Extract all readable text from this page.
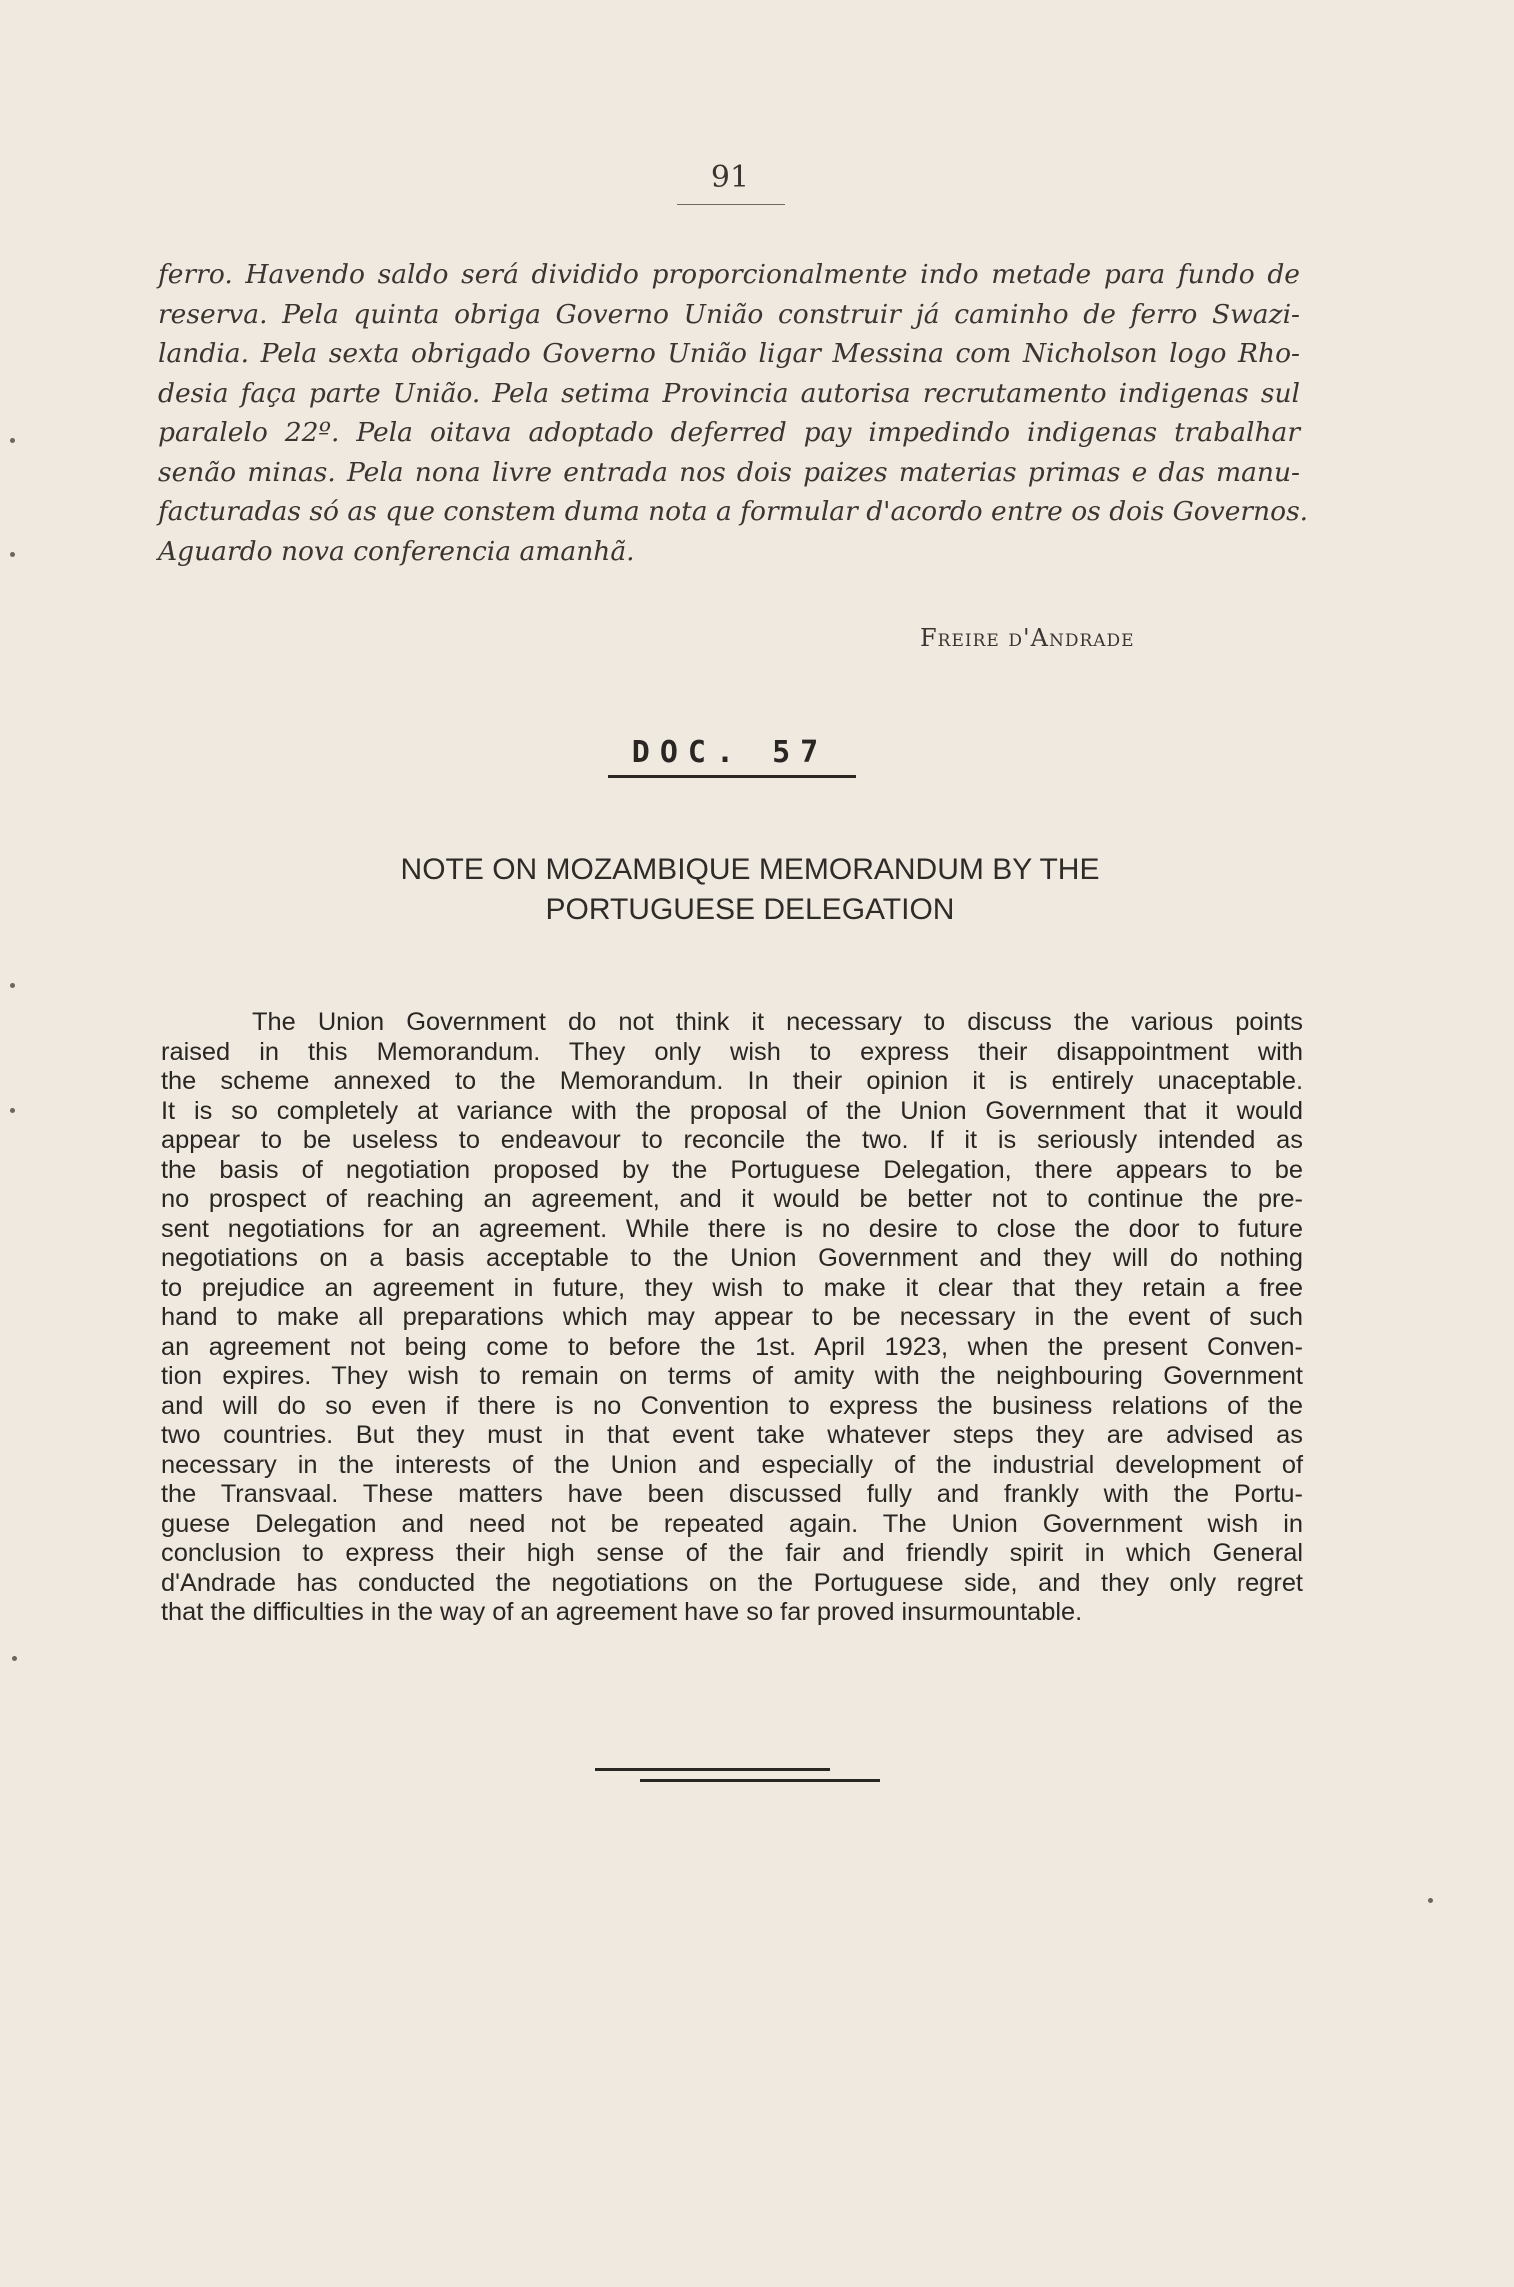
91
ferro. Havendo saldo será dividido proporcionalmente indo metade para fundo de
reserva. Pela quinta obriga Governo União construir já caminho de ferro Swazi-
landia. Pela sexta obrigado Governo União ligar Messina com Nicholson logo Rho-
desia faça parte União. Pela setima Provincia autorisa recrutamento indigenas sul
paralelo 22º. Pela oitava adoptado deferred pay impedindo indigenas trabalhar
senão minas. Pela nona livre entrada nos dois paizes materias primas e das manu-
facturadas só as que constem duma nota a formular d'acordo entre os dois Governos.
Aguardo nova conferencia amanhã.
Freire d'Andrade
DOC. 57
NOTE ON MOZAMBIQUE MEMORANDUM BY THE
PORTUGUESE DELEGATION
The Union Government do not think it necessary to discuss the various points
raised in this Memorandum. They only wish to express their disappointment with
the scheme annexed to the Memorandum. In their opinion it is entirely unaceptable.
It is so completely at variance with the proposal of the Union Government that it would
appear to be useless to endeavour to reconcile the two. If it is seriously intended as
the basis of negotiation proposed by the Portuguese Delegation, there appears to be
no prospect of reaching an agreement, and it would be better not to continue the pre-
sent negotiations for an agreement. While there is no desire to close the door to future
negotiations on a basis acceptable to the Union Government and they will do nothing
to prejudice an agreement in future, they wish to make it clear that they retain a free
hand to make all preparations which may appear to be necessary in the event of such
an agreement not being come to before the 1st. April 1923, when the present Conven-
tion expires. They wish to remain on terms of amity with the neighbouring Government
and will do so even if there is no Convention to express the business relations of the
two countries. But they must in that event take whatever steps they are advised as
necessary in the interests of the Union and especially of the industrial development of
the Transvaal. These matters have been discussed fully and frankly with the Portu-
guese Delegation and need not be repeated again. The Union Government wish in
conclusion to express their high sense of the fair and friendly spirit in which General
d'Andrade has conducted the negotiations on the Portuguese side, and they only regret
that the difficulties in the way of an agreement have so far proved insurmountable.
